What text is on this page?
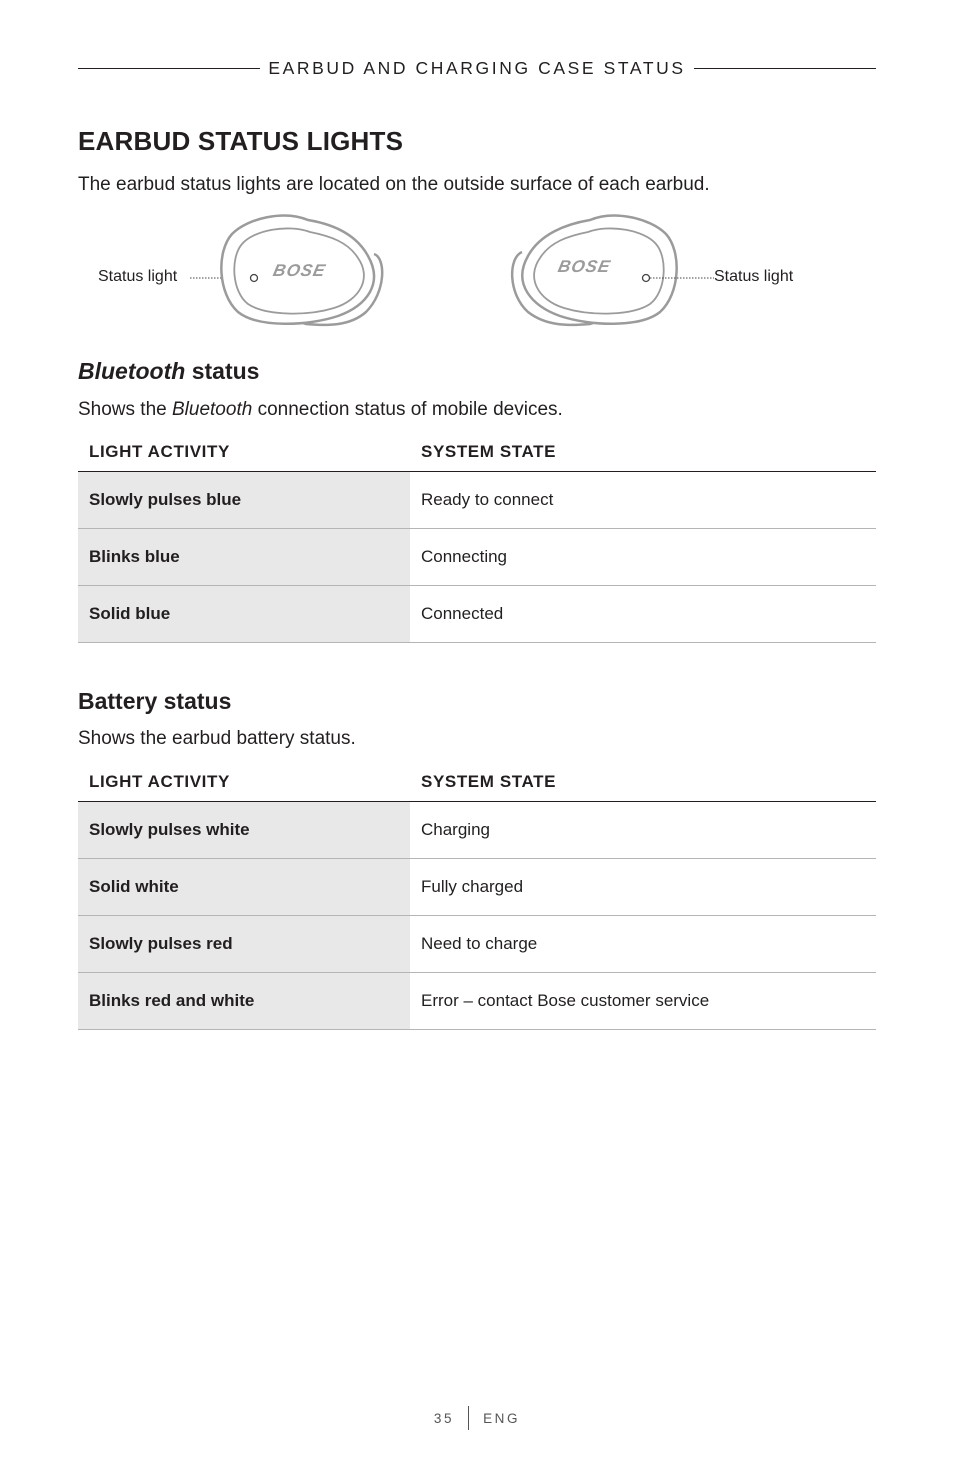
EARBUD AND CHARGING CASE STATUS
EARBUD STATUS LIGHTS

The earbud status lights are located on the outside surface of each earbud.

Status light	BOSE	BOSE
Status light
Bluetooth status

Shows the Bluetooth connection status of mobile devices.

LIGHT ACTIVITY	SYSTEM STATE
Slowly pulses blue	Ready to connect
Blinks blue	Connecting
Solid blue	Connected
Battery status

Shows the earbud battery status.

LIGHT ACTIVITY	SYSTEM STATE
Slowly pulses white	Charging
Solid white	Fully charged
Slowly pulses red	Need to charge
Blinks red and white	Error – contact Bose customer service
35 ENG
